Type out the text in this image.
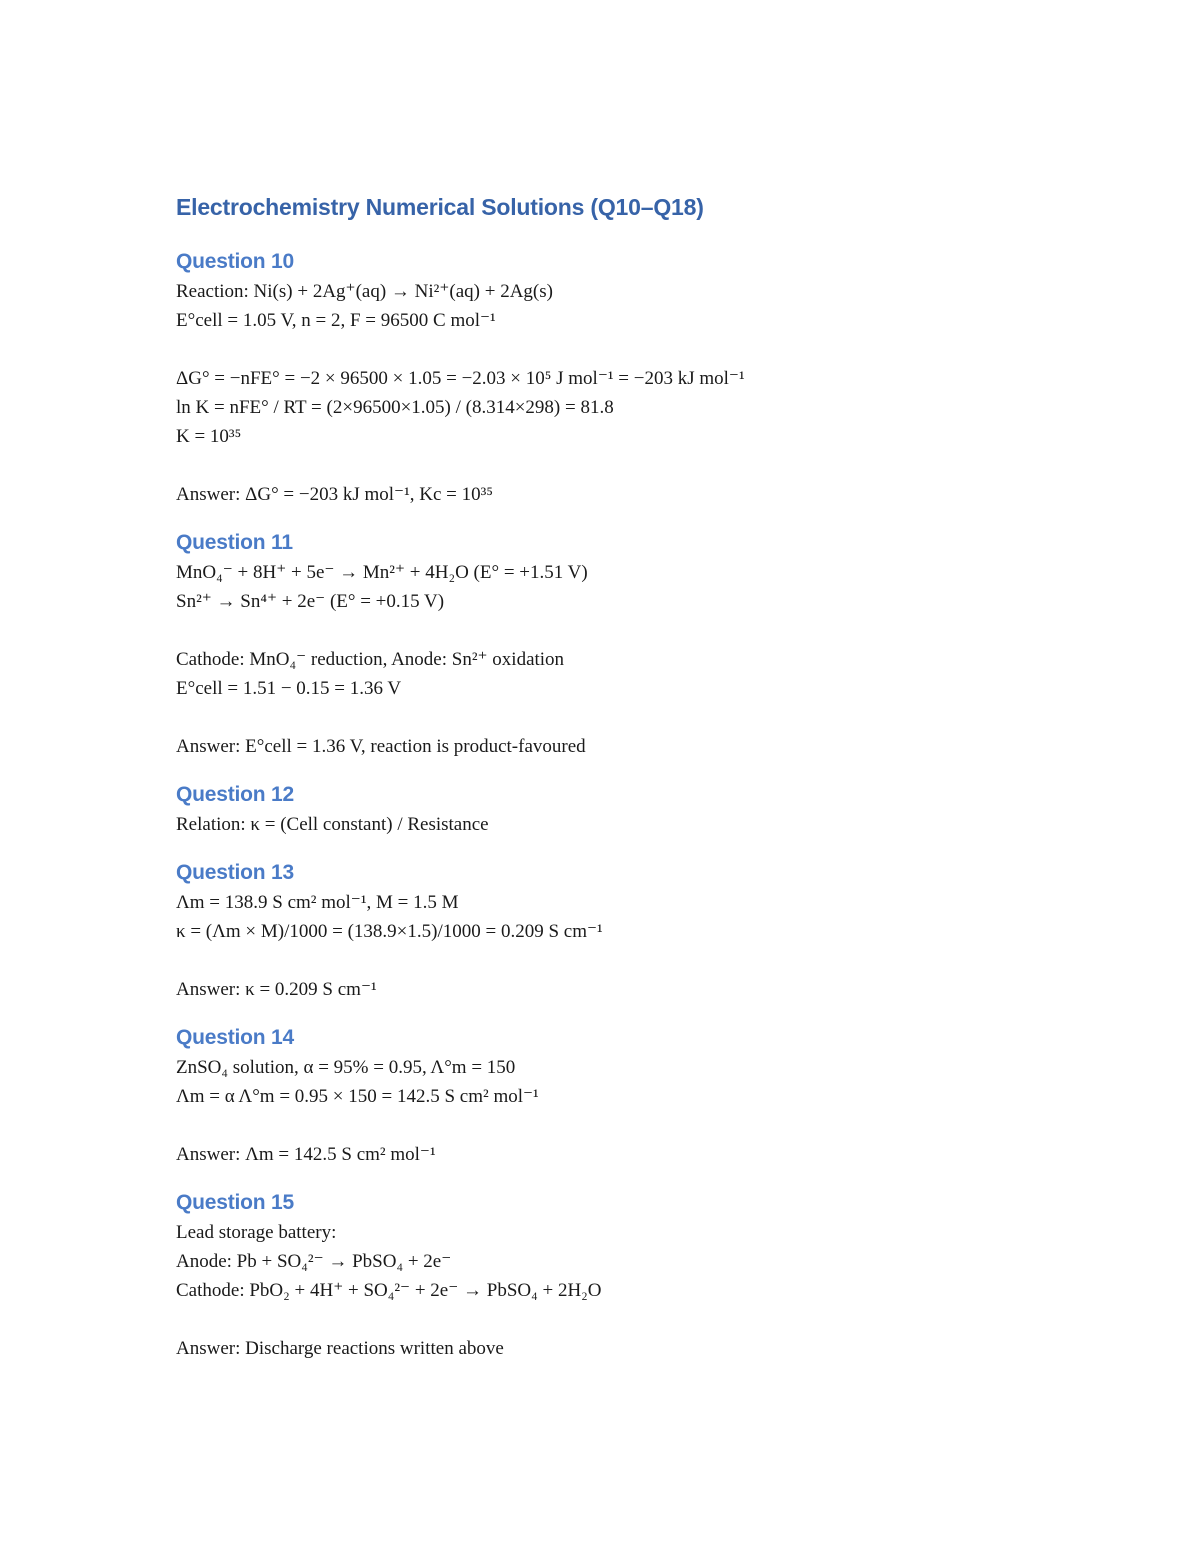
Electrochemistry Numerical Solutions (Q10–Q18)
Question 10
Reaction: Ni(s) + 2Ag⁺(aq) → Ni²⁺(aq) + 2Ag(s)
E°cell = 1.05 V, n = 2, F = 96500 C mol⁻¹
ΔG° = −nFE° = −2 × 96500 × 1.05 = −2.03 × 10⁵ J mol⁻¹ = −203 kJ mol⁻¹
ln K = nFE° / RT = (2×96500×1.05) / (8.314×298) = 81.8
K = 10³⁵
Answer: ΔG° = −203 kJ mol⁻¹, Kc = 10³⁵
Question 11
MnO₄⁻ + 8H⁺ + 5e⁻ → Mn²⁺ + 4H₂O (E° = +1.51 V)
Sn²⁺ → Sn⁴⁺ + 2e⁻ (E° = +0.15 V)
Cathode: MnO₄⁻ reduction, Anode: Sn²⁺ oxidation
E°cell = 1.51 − 0.15 = 1.36 V
Answer: E°cell = 1.36 V, reaction is product-favoured
Question 12
Relation: κ = (Cell constant) / Resistance
Question 13
Λm = 138.9 S cm² mol⁻¹, M = 1.5 M
κ = (Λm × M)/1000 = (138.9×1.5)/1000 = 0.209 S cm⁻¹
Answer: κ = 0.209 S cm⁻¹
Question 14
ZnSO₄ solution, α = 95% = 0.95, Λ°m = 150
Λm = α Λ°m = 0.95 × 150 = 142.5 S cm² mol⁻¹
Answer: Λm = 142.5 S cm² mol⁻¹
Question 15
Lead storage battery:
Anode: Pb + SO₄²⁻ → PbSO₄ + 2e⁻
Cathode: PbO₂ + 4H⁺ + SO₄²⁻ + 2e⁻ → PbSO₄ + 2H₂O
Answer: Discharge reactions written above
